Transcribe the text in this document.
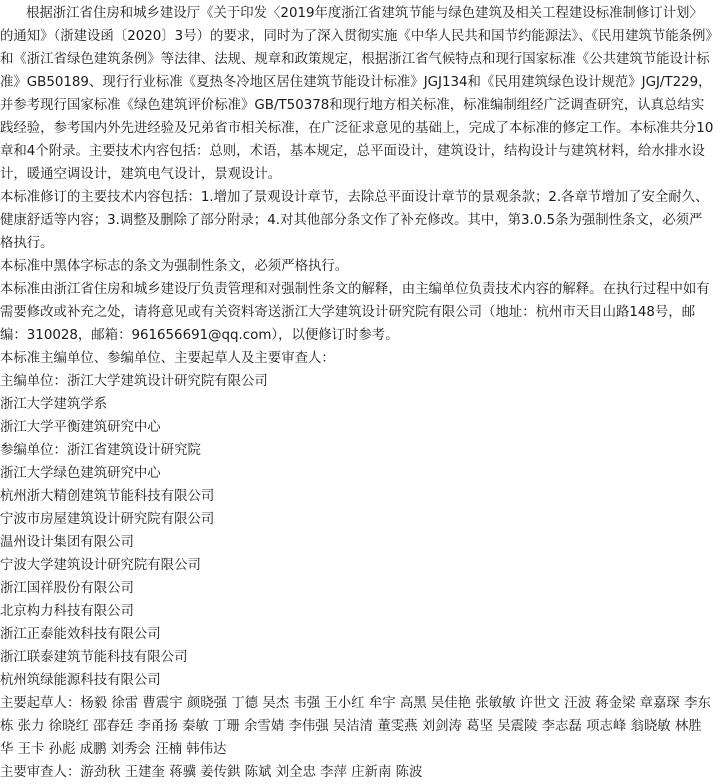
根据浙江省住房和城乡建设厅《关于印发〈2019年度浙江省建筑节能与绿色建筑及相关工程建设标准制修订计划〉的通知》（浙建设函〔2020〕3号）的要求，同时为了深入贯彻实施《中华人民共和国节约能源法》、《民用建筑节能条例》和《浙江省绿色建筑条例》等法律、法规、规章和政策规定，根据浙江省气候特点和现行国家标准《公共建筑节能设计标准》GB50189、现行行业标准《夏热冬冷地区居住建筑节能设计标准》JGJ134和《民用建筑绿色设计规范》JGJ/T229，并参考现行国家标准《绿色建筑评价标准》GB/T50378和现行地方相关标准，标准编制组经广泛调查研究，认真总结实践经验，参考国内外先进经验及兄弟省市相关标准，在广泛征求意见的基础上，完成了本标准的修定工作。本标准共分10章和4个附录。主要技术内容包括：总则，术语，基本规定，总平面设计，建筑设计，结构设计与建筑材料，给水排水设计，暖通空调设计，建筑电气设计，景观设计。

本标准修订的主要技术内容包括：1.增加了景观设计章节，去除总平面设计章节的景观条款；2.各章节增加了安全耐久、健康舒适等内容；3.调整及删除了部分附录；4.对其他部分条文作了补充修改。其中，第3.0.5条为强制性条文，必须严格执行。

本标准中黑体字标志的条文为强制性条文，必须严格执行。

本标准由浙江省住房和城乡建设厅负责管理和对强制性条文的解释，由主编单位负责技术内容的解释。在执行过程中如有需要修改或补充之处，请将意见或有关资料寄送浙江大学建筑设计研究院有限公司（地址：杭州市天目山路148号，邮编：310028，邮箱：961656691@qq.com），以便修订时参考。

本标准主编单位、参编单位、主要起草人及主要审查人：

主编单位：浙江大学建筑设计研究院有限公司

浙江大学建筑学系

浙江大学平衡建筑研究中心

参编单位：浙江省建筑设计研究院

浙江大学绿色建筑研究中心

杭州浙大精创建筑节能科技有限公司

宁波市房屋建筑设计研究院有限公司

温州设计集团有限公司

宁波大学建筑设计研究院有限公司

浙江国祥股份有限公司

北京构力科技有限公司

浙江正泰能效科技有限公司

浙江联泰建筑节能科技有限公司

杭州筑绿能源科技有限公司

主要起草人：杨毅 徐雷 曹震宇 颜晓强 丁德 吴杰 韦强 王小红 牟宇 高黑 吴佳艳 张敏敏 许世文 汪波 蒋金梁 章嘉琛 李东栋 张力 徐晓红 邵春廷 李甬扬 秦敏 丁珊 余雪婧 李伟强 吴洁清 董雯燕 刘剑涛 葛坚 吴震陵 李志磊 项志峰 翁晓敏 林胜华 王卡 孙彪 成鹏 刘秀会 汪楠 韩伟达

主要审查人：游劲秋 王建奎 蒋骥 姜传鉷 陈斌 刘全忠 李萍 庄新南 陈波
